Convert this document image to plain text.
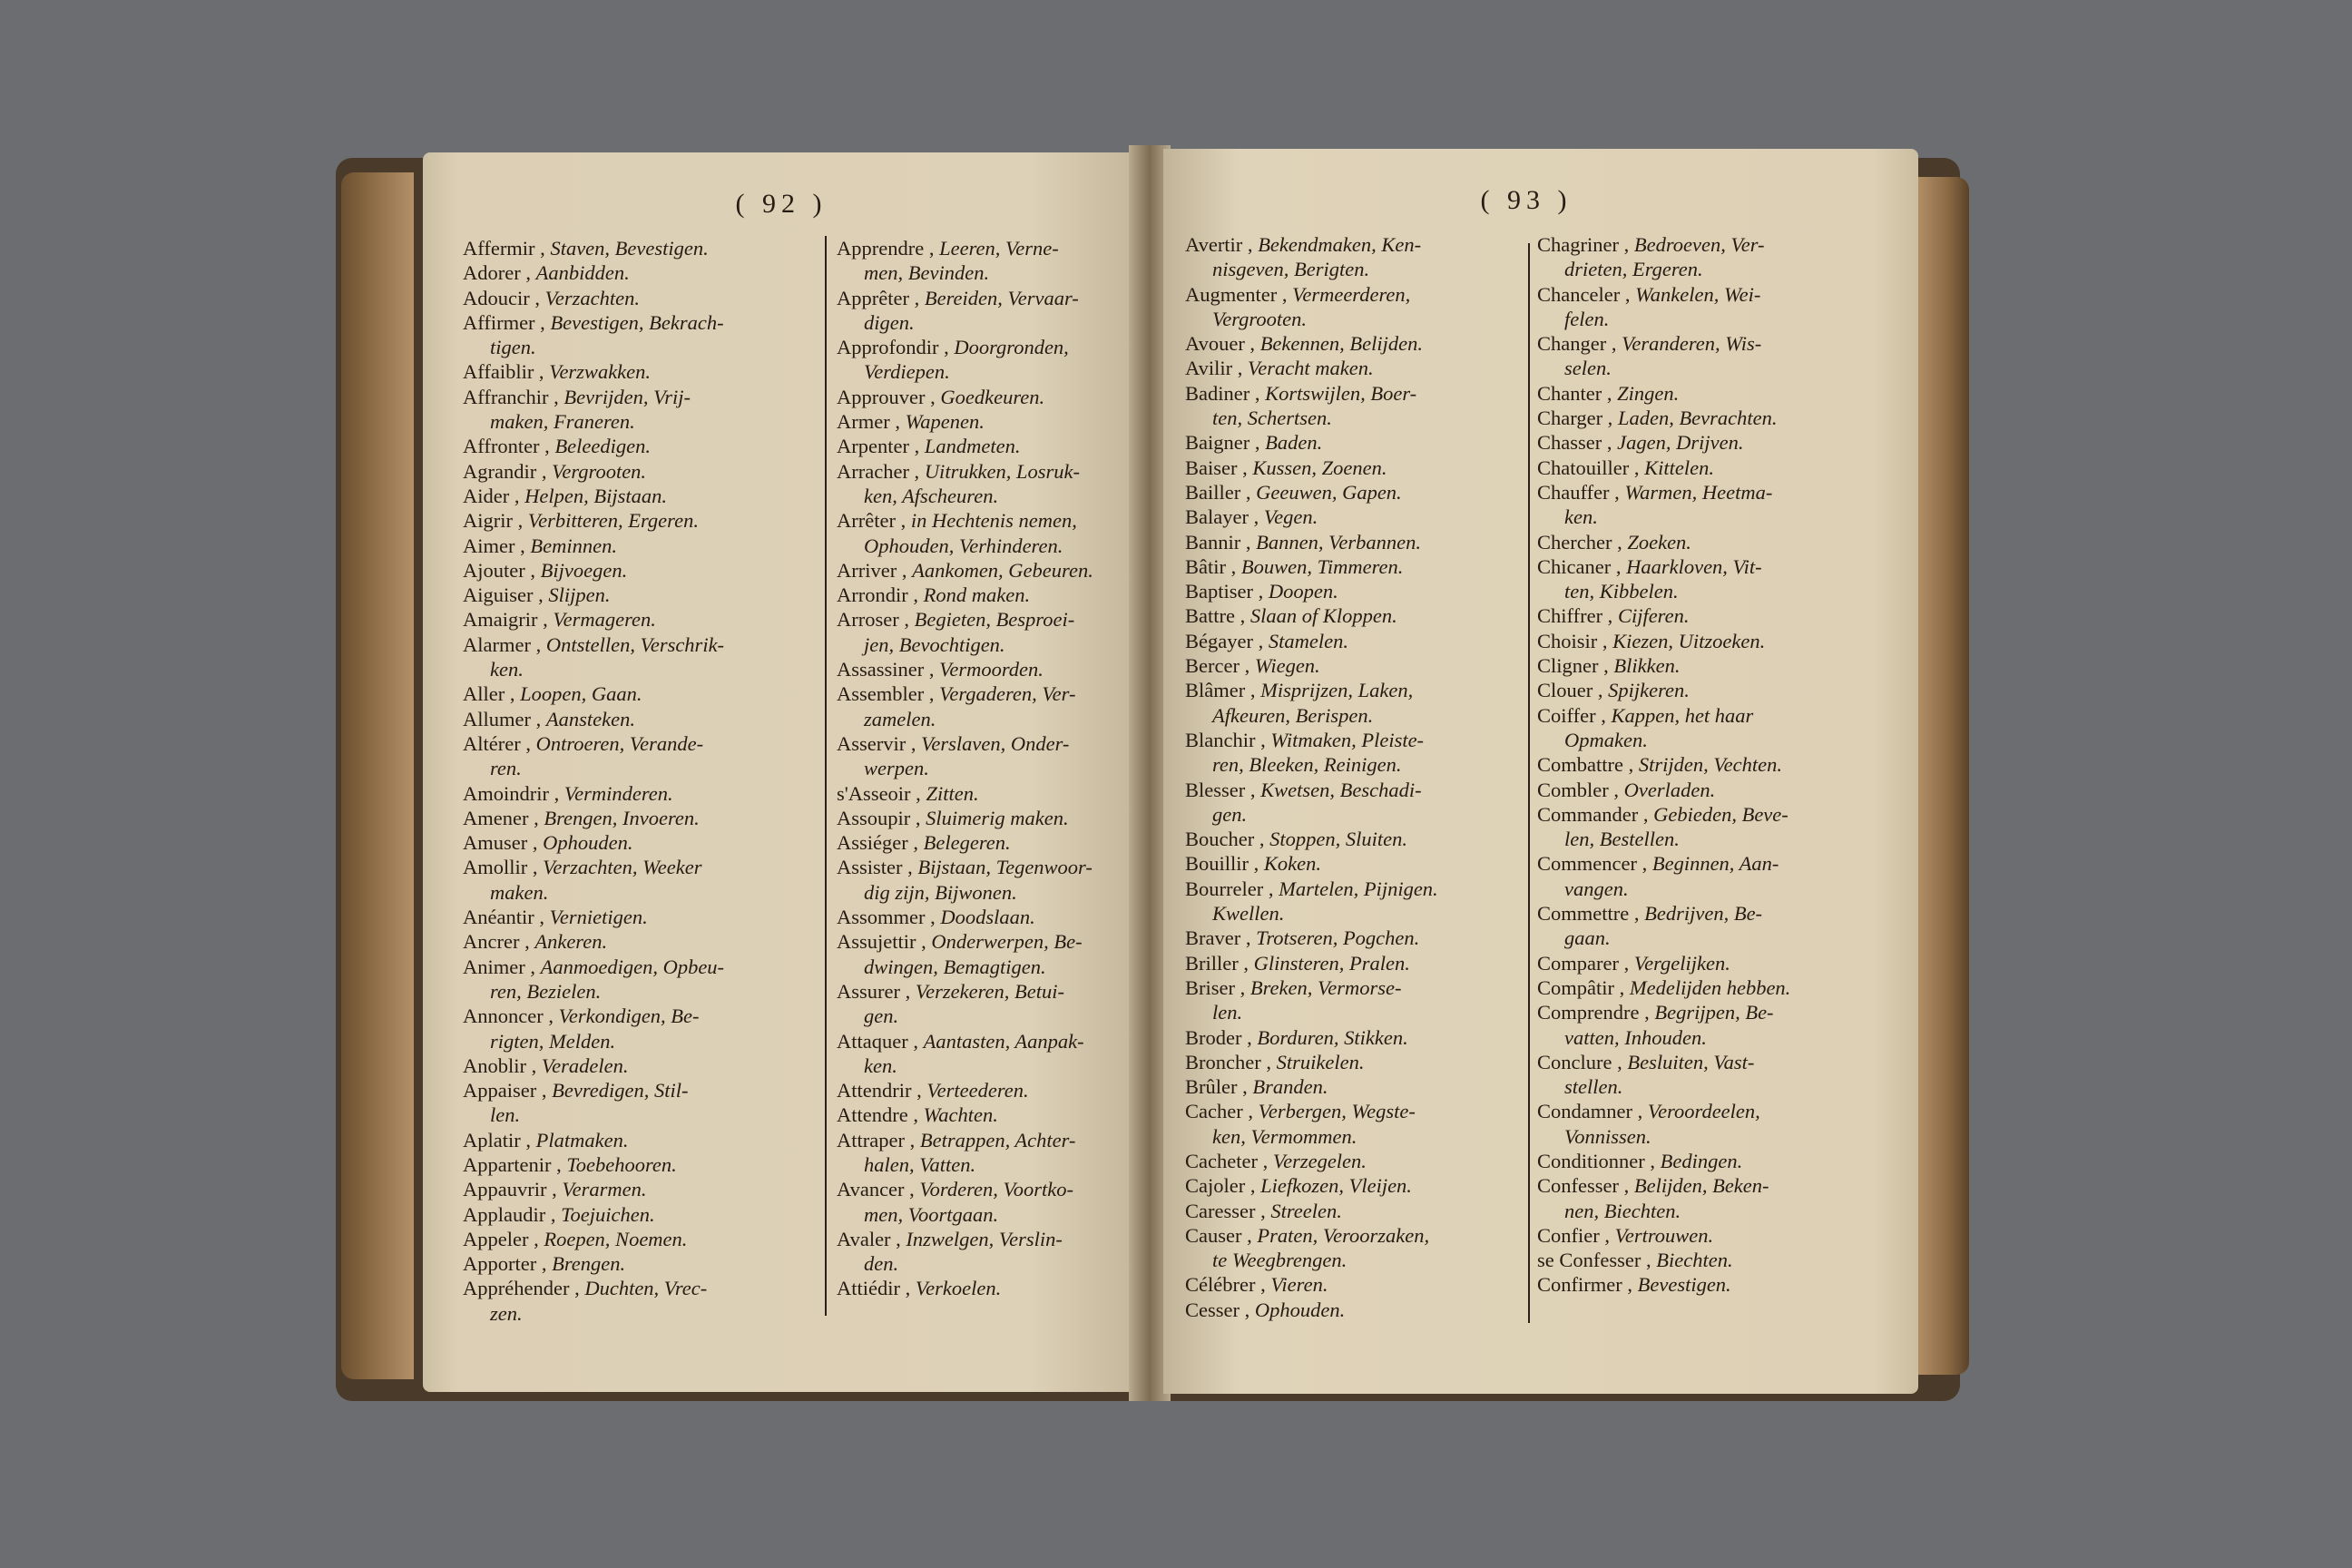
( 92 )
Affermir , Staven, Bevestigen.
Adorer , Aanbidden.
Adoucir , Verzachten.
Affirmer , Bevestigen, Bekrach-
tigen.
Affaiblir , Verzwakken.
Affranchir , Bevrijden, Vrij-
maken, Franeren.
Affronter , Beleedigen.
Agrandir , Vergrooten.
Aider , Helpen, Bijstaan.
Aigrir , Verbitteren, Ergeren.
Aimer , Beminnen.
Ajouter , Bijvoegen.
Aiguiser , Slijpen.
Amaigrir , Vermageren.
Alarmer , Ontstellen, Verschrik-
ken.
Aller , Loopen, Gaan.
Allumer , Aansteken.
Altérer , Ontroeren, Verande-
ren.
Amoindrir , Verminderen.
Amener , Brengen, Invoeren.
Amuser , Ophouden.
Amollir , Verzachten, Weeker
maken.
Anéantir , Vernietigen.
Ancrer , Ankeren.
Animer , Aanmoedigen, Opbeu-
ren, Bezielen.
Annoncer , Verkondigen, Be-
rigten, Melden.
Anoblir , Veradelen.
Appaiser , Bevredigen, Stil-
len.
Aplatir , Platmaken.
Appartenir , Toebehooren.
Appauvrir , Verarmen.
Applaudir , Toejuichen.
Appeler , Roepen, Noemen.
Apporter , Brengen.
Appréhender , Duchten, Vrec-
zen.
Apprendre , Leeren, Verne-
men, Bevinden.
Apprêter , Bereiden, Vervaar-
digen.
Approfondir , Doorgronden,
Verdiepen.
Approuver , Goedkeuren.
Armer , Wapenen.
Arpenter , Landmeten.
Arracher , Uitrukken, Losruk-
ken, Afscheuren.
Arrêter , in Hechtenis nemen,
Ophouden, Verhinderen.
Arriver , Aankomen, Gebeuren.
Arrondir , Rond maken.
Arroser , Begieten, Besproei-
jen, Bevochtigen.
Assassiner , Vermoorden.
Assembler , Vergaderen, Ver-
zamelen.
Asservir , Verslaven, Onder-
werpen.
s'Asseoir , Zitten.
Assoupir , Sluimerig maken.
Assiéger , Belegeren.
Assister , Bijstaan, Tegenwoor-
dig zijn, Bijwonen.
Assommer , Doodslaan.
Assujettir , Onderwerpen, Be-
dwingen, Bemagtigen.
Assurer , Verzekeren, Betui-
gen.
Attaquer , Aantasten, Aanpak-
ken.
Attendrir , Verteederen.
Attendre , Wachten.
Attraper , Betrappen, Achter-
halen, Vatten.
Avancer , Vorderen, Voortko-
men, Voortgaan.
Avaler , Inzwelgen, Verslin-
den.
Attiédir , Verkoelen.
( 93 )
Avertir , Bekendmaken, Ken-
nisgeven, Berigten.
Augmenter , Vermeerderen,
Vergrooten.
Avouer , Bekennen, Belijden.
Avilir , Veracht maken.
Badiner , Kortswijlen, Boer-
ten, Schertsen.
Baigner , Baden.
Baiser , Kussen, Zoenen.
Bailler , Geeuwen, Gapen.
Balayer , Vegen.
Bannir , Bannen, Verbannen.
Bâtir , Bouwen, Timmeren.
Baptiser , Doopen.
Battre , Slaan of Kloppen.
Bégayer , Stamelen.
Bercer , Wiegen.
Blâmer , Misprijzen, Laken,
Afkeuren, Berispen.
Blanchir , Witmaken, Pleiste-
ren, Bleeken, Reinigen.
Blesser , Kwetsen, Beschadi-
gen.
Boucher , Stoppen, Sluiten.
Bouillir , Koken.
Bourreler , Martelen, Pijnigen.
Kwellen.
Braver , Trotseren, Pogchen.
Briller , Glinsteren, Pralen.
Briser , Breken, Vermorse-
len.
Broder , Borduren, Stikken.
Broncher , Struikelen.
Brûler , Branden.
Cacher , Verbergen, Wegste-
ken, Vermommen.
Cacheter , Verzegelen.
Cajoler , Liefkozen, Vleijen.
Caresser , Streelen.
Causer , Praten, Veroorzaken,
te Weegbrengen.
Célébrer , Vieren.
Cesser , Ophouden.
Chagriner , Bedroeven, Ver-
drieten, Ergeren.
Chanceler , Wankelen, Wei-
felen.
Changer , Veranderen, Wis-
selen.
Chanter , Zingen.
Charger , Laden, Bevrachten.
Chasser , Jagen, Drijven.
Chatouiller , Kittelen.
Chauffer , Warmen, Heetma-
ken.
Chercher , Zoeken.
Chicaner , Haarkloven, Vit-
ten, Kibbelen.
Chiffrer , Cijferen.
Choisir , Kiezen, Uitzoeken.
Cligner , Blikken.
Clouer , Spijkeren.
Coiffer , Kappen, het haar
Opmaken.
Combattre , Strijden, Vechten.
Combler , Overladen.
Commander , Gebieden, Beve-
len, Bestellen.
Commencer , Beginnen, Aan-
vangen.
Commettre , Bedrijven, Be-
gaan.
Comparer , Vergelijken.
Compâtir , Medelijden hebben.
Comprendre , Begrijpen, Be-
vatten, Inhouden.
Conclure , Besluiten, Vast-
stellen.
Condamner , Veroordeelen,
Vonnissen.
Conditionner , Bedingen.
Confesser , Belijden, Beken-
nen, Biechten.
Confier , Vertrouwen.
se Confesser , Biechten.
Confirmer , Bevestigen.
